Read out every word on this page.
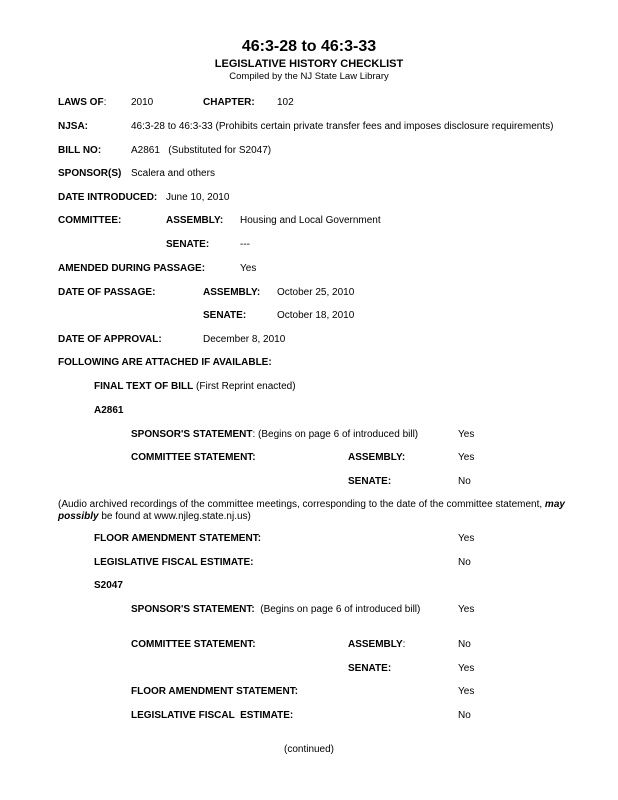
46:3-28 to 46:3-33
LEGISLATIVE HISTORY CHECKLIST
Compiled by the NJ State Law Library
LAWS OF: 2010	CHAPTER: 102
NJSA:	46:3-28 to 46:3-33 (Prohibits certain private transfer fees and imposes disclosure requirements)
BILL NO:	A2861 (Substituted for S2047)
SPONSOR(S) Scalera and others
DATE INTRODUCED: June 10, 2010
COMMITTEE:	ASSEMBLY: Housing and Local Government
SENATE:	---
AMENDED DURING PASSAGE:	Yes
DATE OF PASSAGE:	ASSEMBLY: October 25, 2010
SENATE:	October 18, 2010
DATE OF APPROVAL:	December 8, 2010
FOLLOWING ARE ATTACHED IF AVAILABLE:
FINAL TEXT OF BILL (First Reprint enacted)
A2861
SPONSOR'S STATEMENT: (Begins on page 6 of introduced bill)	Yes
COMMITTEE STATEMENT:	ASSEMBLY:	Yes
SENATE:	No
(Audio archived recordings of the committee meetings, corresponding to the date of the committee statement, may possibly be found at www.njleg.state.nj.us)
FLOOR AMENDMENT STATEMENT:	Yes
LEGISLATIVE FISCAL ESTIMATE:	No
S2047
SPONSOR'S STATEMENT:  (Begins on page 6 of introduced bill)	Yes
COMMITTEE STATEMENT:	ASSEMBLY:	No
SENATE:	Yes
FLOOR AMENDMENT STATEMENT:	Yes
LEGISLATIVE FISCAL  ESTIMATE:	No
(continued)
